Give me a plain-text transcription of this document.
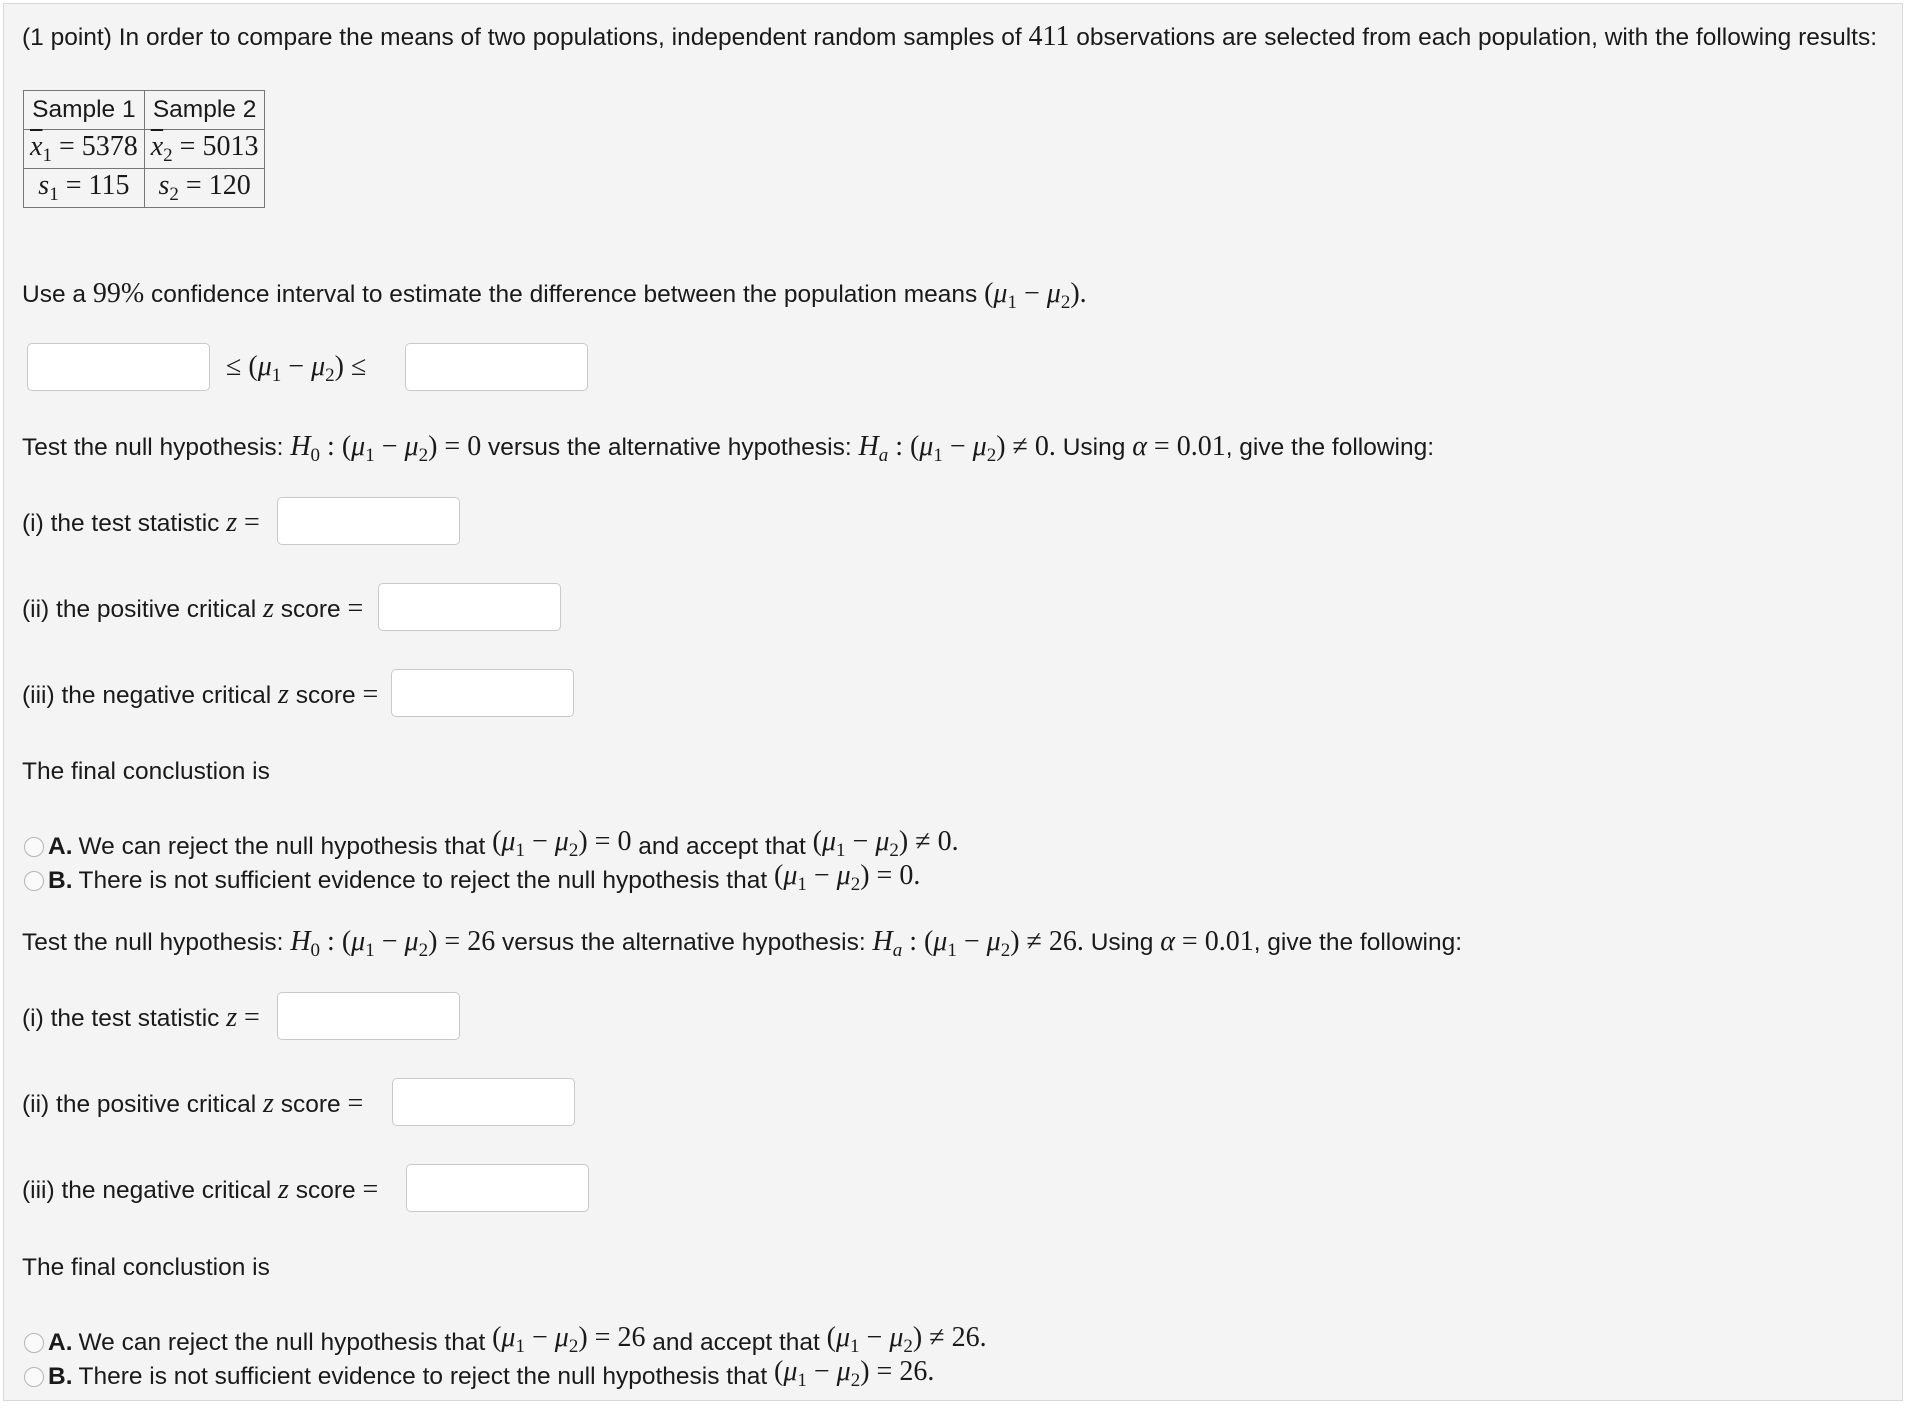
(1 point) In order to compare the means of two populations, independent random samples of 411 observations are selected from each population, with the following results:
Sample 1	Sample 2
$\overline{x}_1 = 5378$	$\overline{x}_2 = 5013$
$s_1 = 115$	$s_2 = 120$
Use a 99% confidence interval to estimate the difference between the population means $(\mu_1 - \mu_2)$.
≤ $(\mu_1 - \mu_2)$ ≤
Test the null hypothesis: $H_0$ : $(\mu_1 - \mu_2) = 0$ versus the alternative hypothesis: $H_a$ : $(\mu_1 - \mu_2) \ne 0$. Using α = 0.01, give the following:
(i) the test statistic z =
(ii) the positive critical z score =
(iii) the negative critical z score =
The final conclustion is
A. We can reject the null hypothesis that
$(\mu_1 - \mu_2) = 0$
and accept that
$(\mu_1 - \mu_2) \ne 0$.
B. There is not sufficient evidence to reject the null hypothesis that
$(\mu_1 - \mu_2) = 0$.
Test the null hypothesis: $H_0$ : $(\mu_1 - \mu_2) = 26$ versus the alternative hypothesis: $H_a$ : $(\mu_1 - \mu_2) \ne 26$. Using α = 0.01, give the following:
(i) the test statistic z =
(ii) the positive critical z score =
(iii) the negative critical z score =
The final conclustion is
A. We can reject the null hypothesis that
$(\mu_1 - \mu_2) = 26$
and accept that
$(\mu_1 - \mu_2) \ne 26$.
B. There is not sufficient evidence to reject the null hypothesis that
$(\mu_1 - \mu_2) = 26$.
